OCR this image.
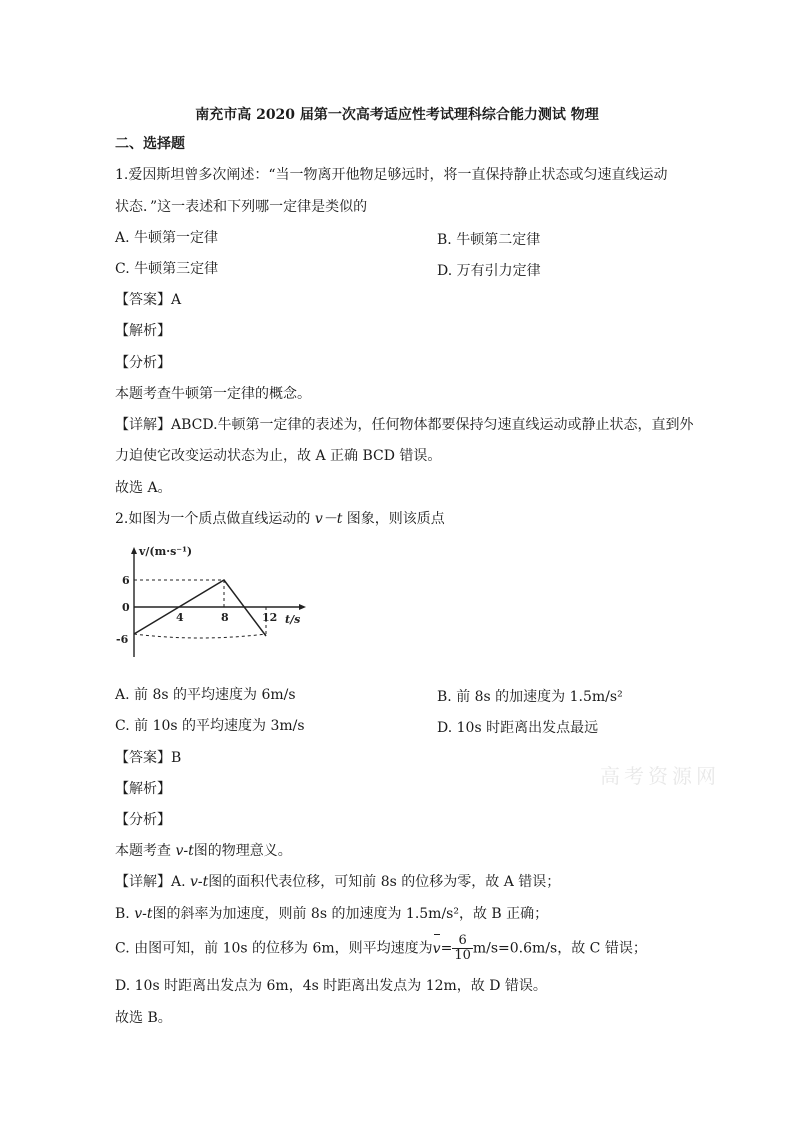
南充市高 2020 届第一次高考适应性考试理科综合能力测试 物理
二、选择题
1.爱因斯坦曾多次阐述：“当一物离开他物足够远时，将一直保持静止状态或匀速直线运动
状态．”这一表述和下列哪一定律是类似的
A. 牛顿第一定律	B. 牛顿第二定律
C. 牛顿第三定律	D. 万有引力定律
【答案】A
【解析】
【分析】
本题考查牛顿第一定律的概念。
【详解】ABCD.牛顿第一定律的表述为，任何物体都要保持匀速直线运动或静止状态，直到外
力迫使它改变运动状态为止，故 A 正确 BCD 错误。
故选 A。
2.如图为一个质点做直线运动的 v－t 图象，则该质点
v/(m·s⁻¹)
t/s
6
0
-6
4	8	12
A. 前 8s 的平均速度为 6m/s	B. 前 8s 的加速度为 1.5m/s²
C. 前 10s 的平均速度为 3m/s	D. 10s 时距离出发点最远
【答案】B
【解析】
【分析】
本题考查 v-t图的物理意义。
【详解】A. v-t图的面积代表位移，可知前 8s 的位移为零，故 A 错误；
B. v-t图的斜率为加速度，则前 8s 的加速度为 1.5m/s²，故 B 正确；
C. 由图可知，前 10s 的位移为 6m，则平均速度为$v= \frac{6}{10} m/s=0.6m/s$，故 C 错误；
D. 10s 时距离出发点为 6m，4s 时距离出发点为 12m，故 D 错误。
故选 B。
高考资源网
